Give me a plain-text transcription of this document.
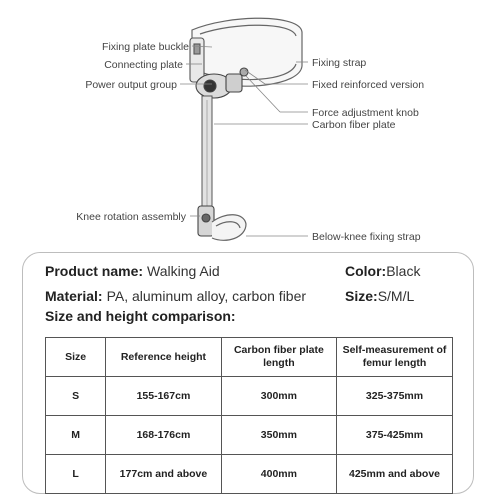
Fixing plate buckle
Connecting plate
Power output group
Fixing strap
Fixed reinforced version
Force adjustment knob
Carbon fiber plate
Knee rotation assembly
Below-knee fixing strap
Product name: Walking Aid	Color:Black
Material: PA, aluminum alloy, carbon fiber	Size:S/M/L
Size and height comparison:
Size	Reference height	Carbon fiber plate length	Self-measurement of femur length
S	155-167cm	300mm	325-375mm
M	168-176cm	350mm	375-425mm
L	177cm and above	400mm	425mm and above
